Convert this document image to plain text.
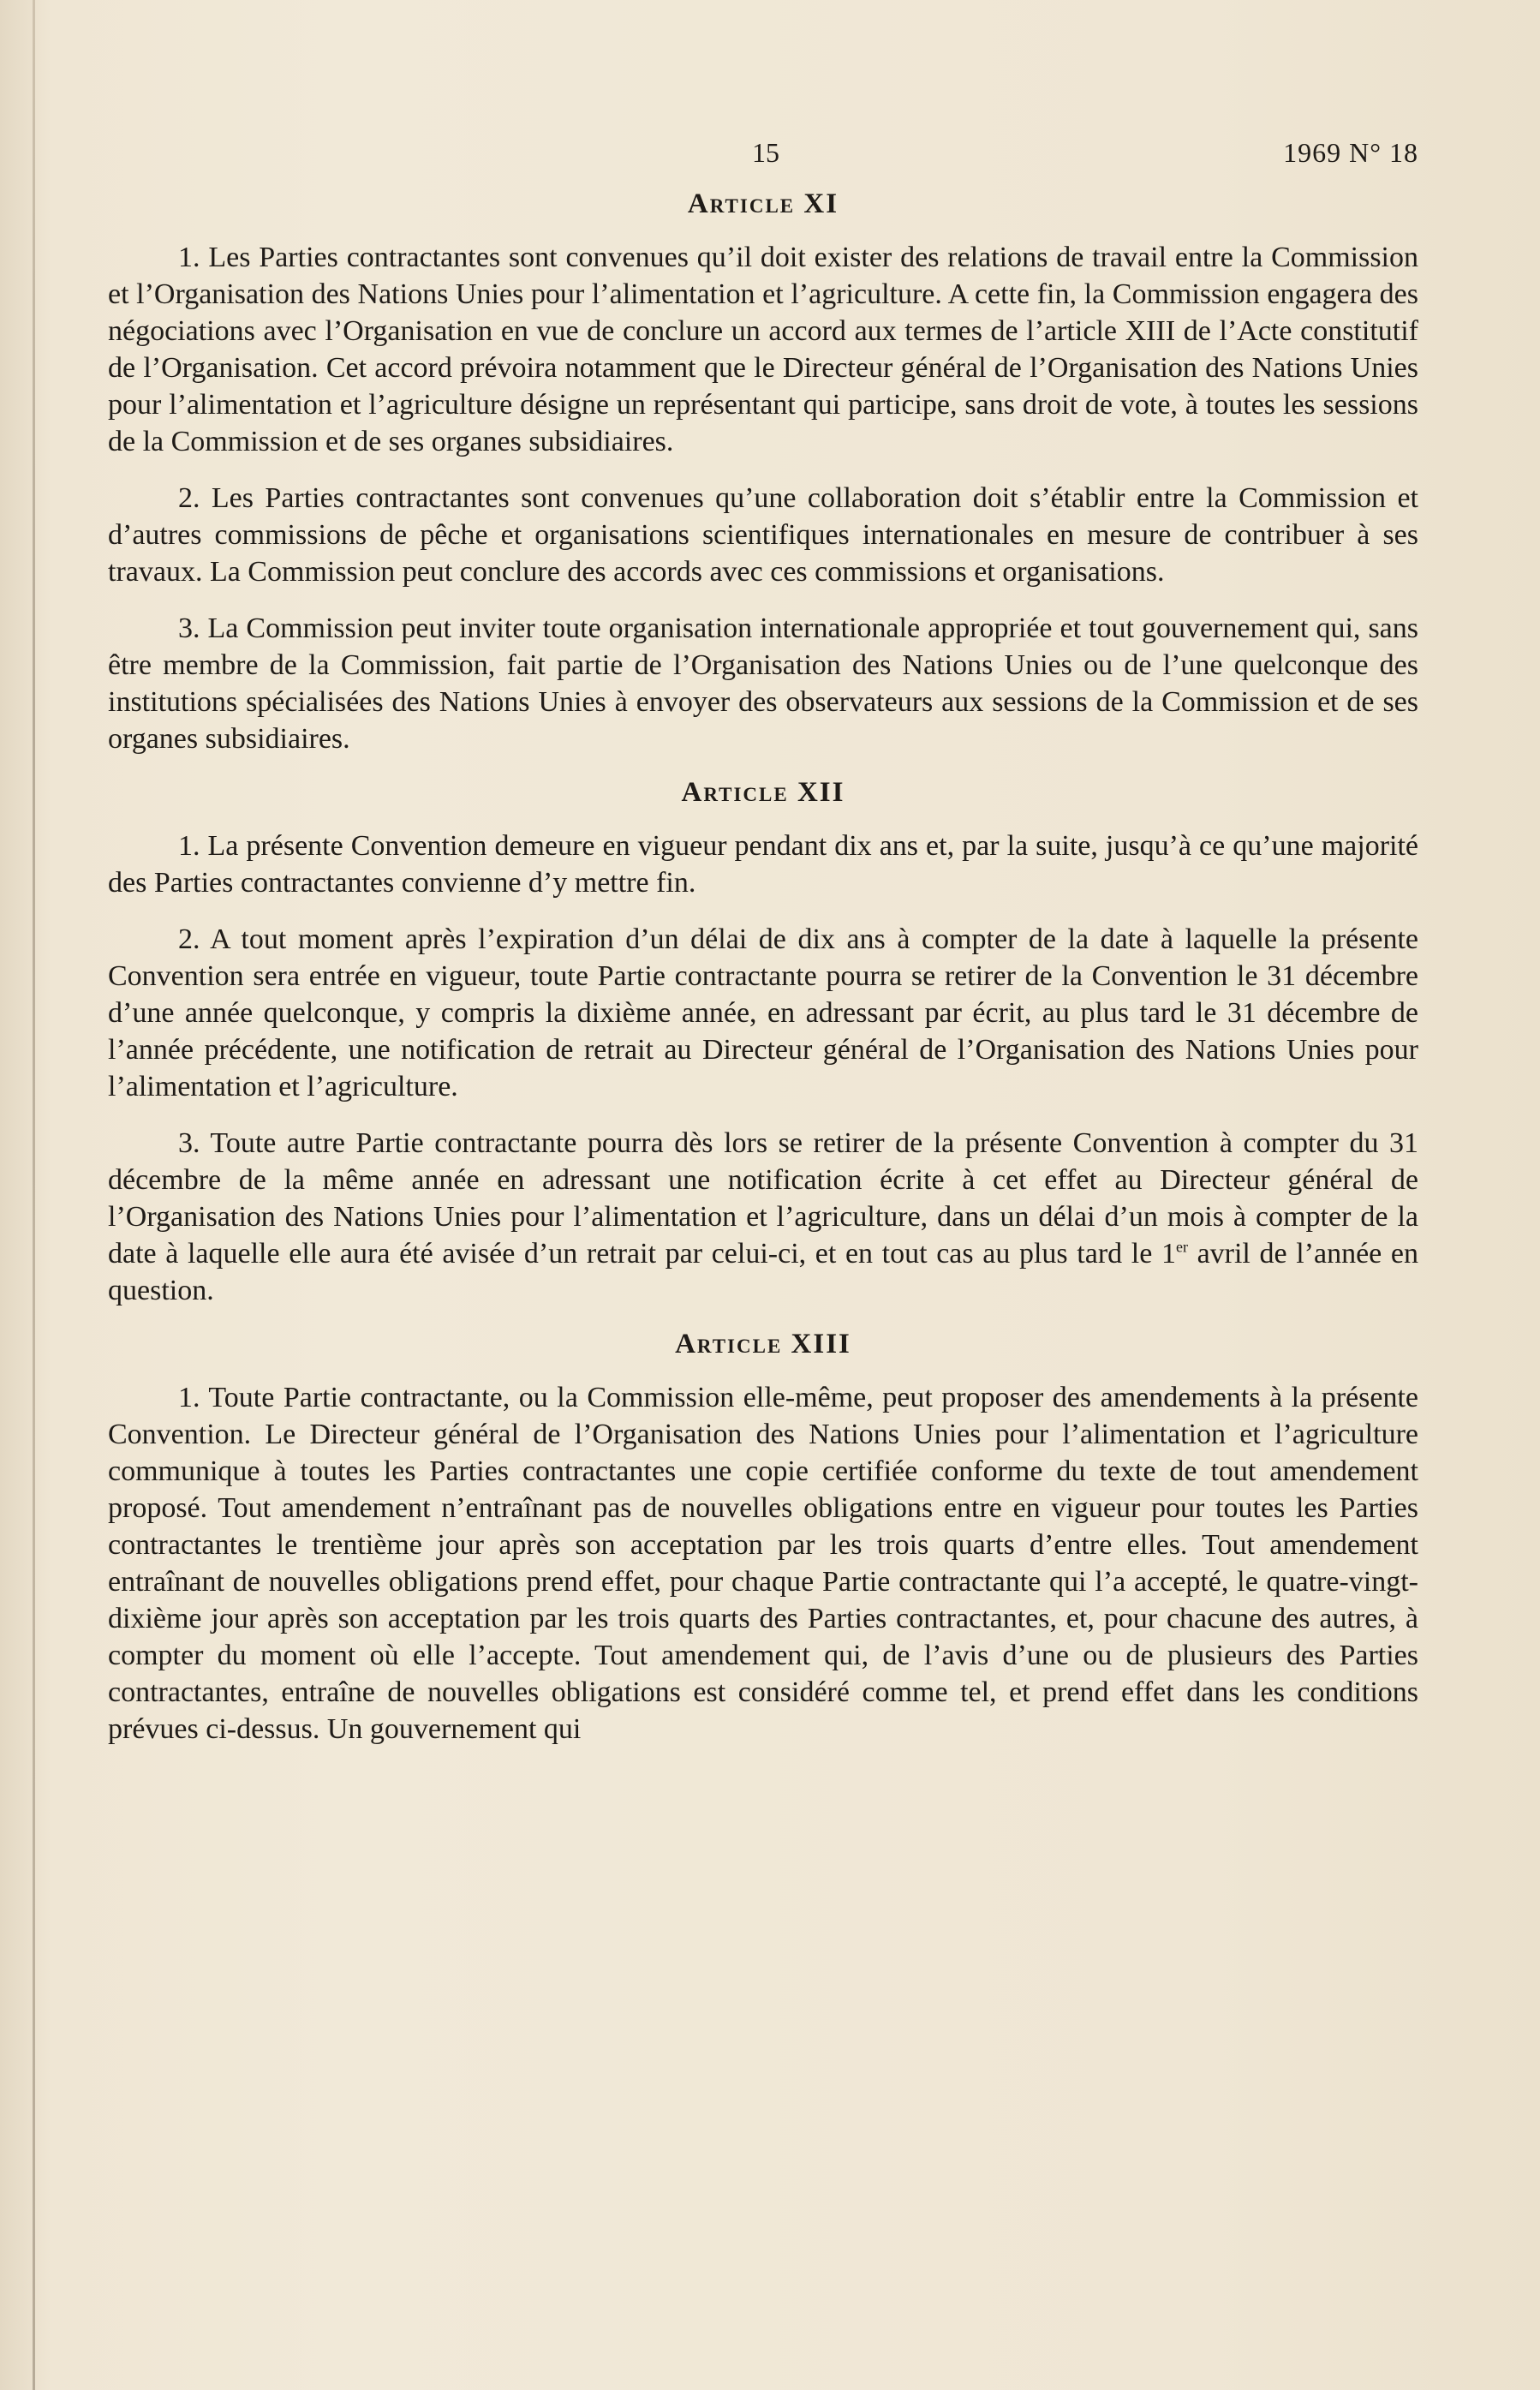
15	1969 N° 18
Article XI

1. Les Parties contractantes sont convenues qu’il doit exister des relations de travail entre la Commission et l’Organisation des Nations Unies pour l’alimentation et l’agriculture. A cette fin, la Commission engagera des négociations avec l’Organisation en vue de conclure un accord aux termes de l’article XIII de l’Acte constitutif de l’Organisation. Cet accord prévoira notamment que le Directeur général de l’Organisation des Nations Unies pour l’alimentation et l’agriculture désigne un représentant qui participe, sans droit de vote, à toutes les sessions de la Commission et de ses organes subsidiaires.

2. Les Parties contractantes sont convenues qu’une collaboration doit s’établir entre la Commission et d’autres commissions de pêche et organisations scientifiques internationales en mesure de contribuer à ses travaux. La Commission peut conclure des accords avec ces commissions et organisations.

3. La Commission peut inviter toute organisation internationale appropriée et tout gouvernement qui, sans être membre de la Commission, fait partie de l’Organisation des Nations Unies ou de l’une quelconque des institutions spécialisées des Nations Unies à envoyer des observateurs aux sessions de la Commission et de ses organes subsidiaires.

Article XII

1. La présente Convention demeure en vigueur pendant dix ans et, par la suite, jusqu’à ce qu’une majorité des Parties contractantes convienne d’y mettre fin.

2. A tout moment après l’expiration d’un délai de dix ans à compter de la date à laquelle la présente Convention sera entrée en vigueur, toute Partie contractante pourra se retirer de la Convention le 31 décembre d’une année quelconque, y compris la dixième année, en adressant par écrit, au plus tard le 31 décembre de l’année précédente, une notification de retrait au Directeur général de l’Organisation des Nations Unies pour l’alimentation et l’agriculture.

3. Toute autre Partie contractante pourra dès lors se retirer de la présente Convention à compter du 31 décembre de la même année en adressant une notification écrite à cet effet au Directeur général de l’Organisation des Nations Unies pour l’alimentation et l’agriculture, dans un délai d’un mois à compter de la date à laquelle elle aura été avisée d’un retrait par celui-ci, et en tout cas au plus tard le 1er avril de l’année en question.

Article XIII

1. Toute Partie contractante, ou la Commission elle-même, peut proposer des amendements à la présente Convention. Le Directeur général de l’Organisation des Nations Unies pour l’alimentation et l’agriculture communique à toutes les Parties contractantes une copie certifiée conforme du texte de tout amendement proposé. Tout amendement n’entraînant pas de nouvelles obligations entre en vigueur pour toutes les Parties contractantes le trentième jour après son acceptation par les trois quarts d’entre elles. Tout amendement entraînant de nouvelles obligations prend effet, pour chaque Partie contractante qui l’a accepté, le quatre-vingt-dixième jour après son acceptation par les trois quarts des Parties contractantes, et, pour chacune des autres, à compter du moment où elle l’accepte. Tout amendement qui, de l’avis d’une ou de plusieurs des Parties contractantes, entraîne de nouvelles obligations est considéré comme tel, et prend effet dans les conditions prévues ci-dessus. Un gouvernement qui
